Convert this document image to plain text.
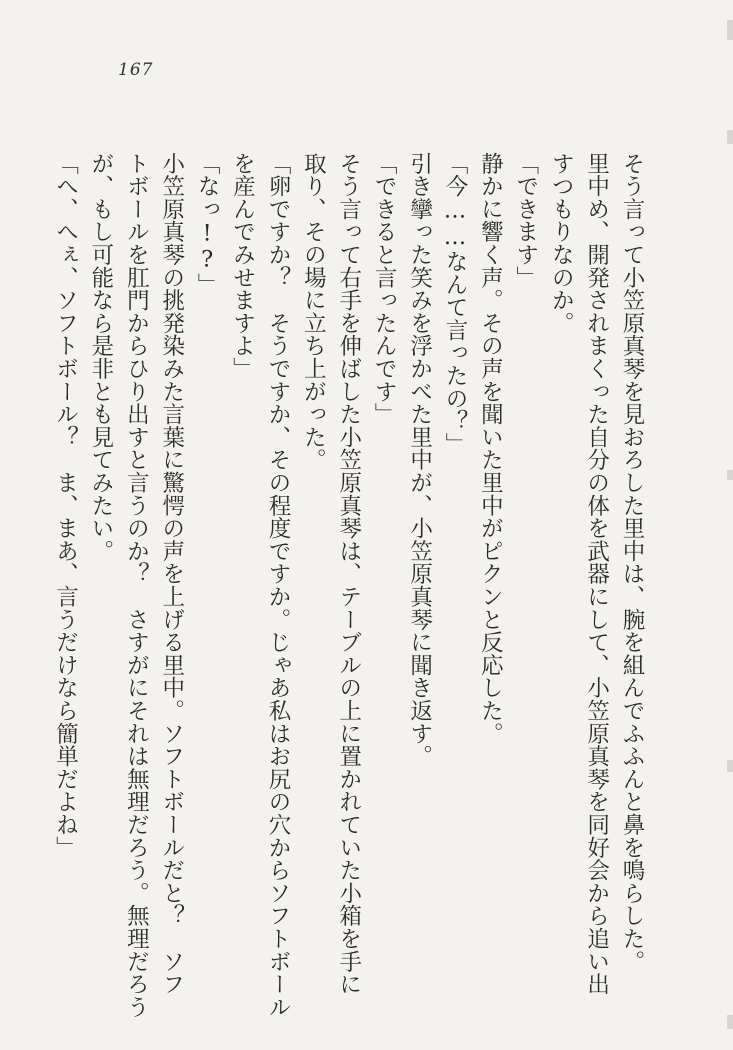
167

そう言って小笠原真琴を見おろした里中は、腕を組んでふふんと鼻を鳴らした。

里中め、開発されまくった自分の体を武器にして、小笠原真琴を同好会から追い出

すつもりなのか。

「できます」

静かに響く声。その声を聞いた里中がピクンと反応した。

「今……なんて言ったの？」

引き攣った笑みを浮かべた里中が、小笠原真琴に聞き返す。

「できると言ったんです」

そう言って右手を伸ばした小笠原真琴は、テーブルの上に置かれていた小箱を手に

取り、その場に立ち上がった。

「卵ですか？　そうですか、その程度ですか。じゃあ私はお尻の穴からソフトボール

を産んでみせますよ」

「なっ!?」

小笠原真琴の挑発染みた言葉に驚愕の声を上げる里中。ソフトボールだと？　ソフ

トボールを肛門からひり出すと言うのか？　さすがにそれは無理だろう。無理だろう

が、もし可能なら是非とも見てみたい。

「へ、へぇ、ソフトボール？　ま、まあ、言うだけなら簡単だよね」
